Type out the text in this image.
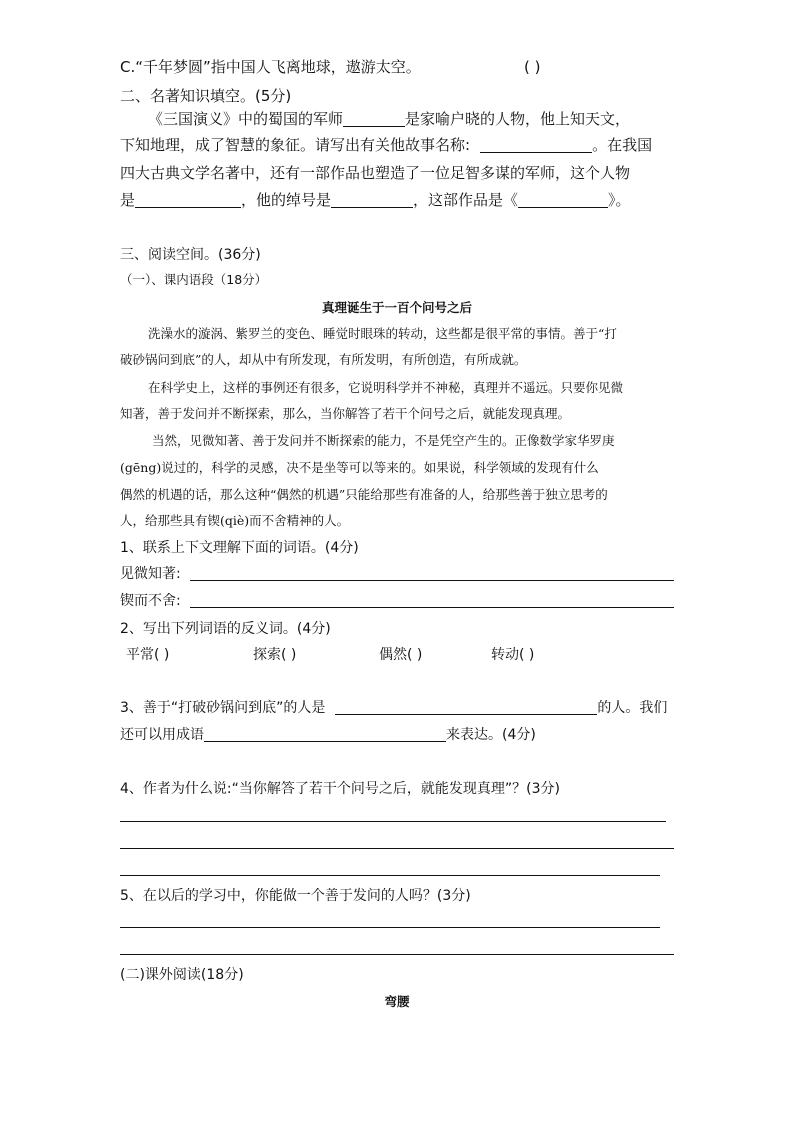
C.“千年梦圆”指中国人飞离地球，遨游太空。	( )
二、名著知识填空。(5分)
《三国演义》中的蜀国的军师	是家喻户晓的人物，他上知天文，
下知地理，成了智慧的象征。请写出有关他故事名称:	。在我国
四大古典文学名著中，还有一部作品也塑造了一位足智多谋的军师，这个人物
是	，他的绰号是	，这部作品是《	》。
三、阅读空间。(36分)
（一）、课内语段（18分）
真理诞生于一百个问号之后
洗澡水的漩涡、紫罗兰的变色、睡觉时眼珠的转动，这些都是很平常的事情。善于“打
破砂锅问到底”的人，却从中有所发现，有所发明，有所创造，有所成就。
在科学史上，这样的事例还有很多，它说明科学并不神秘，真理并不遥远。只要你见微
知著，善于发问并不断探索，那么，当你解答了若干个问号之后，就能发现真理。
当然，见微知著、善于发问并不断探索的能力，不是凭空产生的。正像数学家华罗庚
(gēng)说过的，科学的灵感，决不是坐等可以等来的。如果说，科学领域的发现有什么
偶然的机遇的话，那么这种“偶然的机遇”只能给那些有准备的人，给那些善于独立思考的
人，给那些具有锲(qiè)而不舍精神的人。
1、联系上下文理解下面的词语。(4分)
见微知著:
锲而不舍:
2、写出下列词语的反义词。(4分)
平常( )	探索( )	偶然( )	转动( )
3、善于“打破砂锅问到底”的人是	的人。我们
还可以用成语	来表达。(4分)
4、作者为什么说:“当你解答了若干个问号之后，就能发现真理”？(3分)
5、在以后的学习中，你能做一个善于发问的人吗？(3分)
(二)课外阅读(18分)
弯腰
